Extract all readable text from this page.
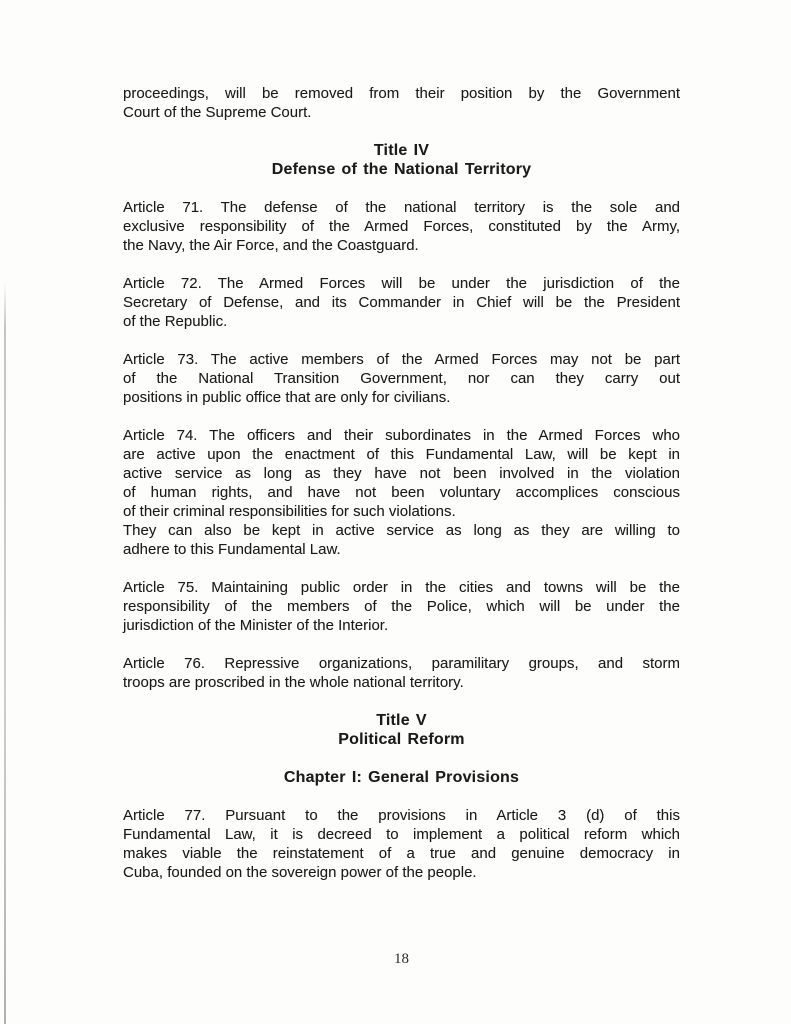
proceedings, will be removed from their position by the Government
Court of the Supreme Court.
Title IV
Defense of the National Territory
Article 71. The defense of the national territory is the sole and
exclusive responsibility of the Armed Forces, constituted by the Army,
the Navy, the Air Force, and the Coastguard.
Article 72. The Armed Forces will be under the jurisdiction of the
Secretary of Defense, and its Commander in Chief will be the President
of the Republic.
Article 73. The active members of the Armed Forces may not be part
of the National Transition Government, nor can they carry out
positions in public office that are only for civilians.
Article 74. The officers and their subordinates in the Armed Forces who
are active upon the enactment of this Fundamental Law, will be kept in
active service as long as they have not been involved in the violation
of human rights, and have not been voluntary accomplices conscious
of their criminal responsibilities for such violations.
They can also be kept in active service as long as they are willing to
adhere to this Fundamental Law.
Article 75. Maintaining public order in the cities and towns will be the
responsibility of the members of the Police, which will be under the
jurisdiction of the Minister of the Interior.
Article 76. Repressive organizations, paramilitary groups, and storm
troops are proscribed in the whole national territory.
Title V
Political Reform
Chapter I: General Provisions
Article 77. Pursuant to the provisions in Article 3 (d) of this
Fundamental Law, it is decreed to implement a political reform which
makes viable the reinstatement of a true and genuine democracy in
Cuba, founded on the sovereign power of the people.
18
